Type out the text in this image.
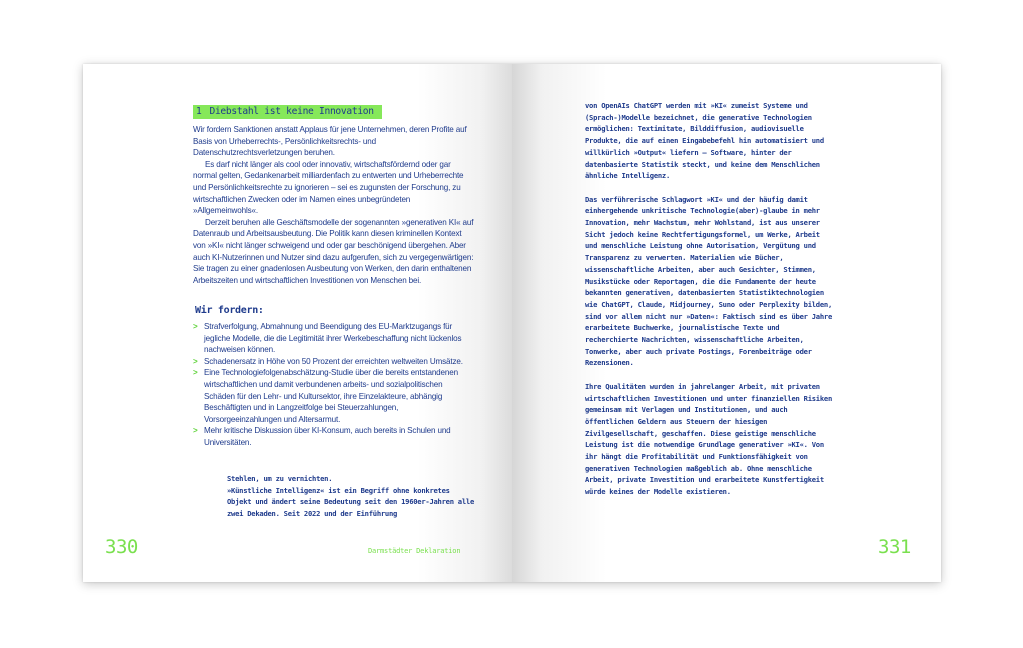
1 Diebstahl ist keine Innovation

Wir fordern Sanktionen anstatt Applaus für jene Unternehmen, deren Profite auf Basis von Urheberrechts-, Persönlichkeitsrechts- und Datenschutzrechtsverletzungen beruhen.

Es darf nicht länger als cool oder innovativ, wirtschaftsfördernd oder gar normal gelten, Gedankenarbeit milliardenfach zu entwerten und Urheberrechte und Persönlichkeitsrechte zu ignorieren – sei es zugunsten der Forschung, zu wirtschaftlichen Zwecken oder im Namen eines unbegründeten »Allgemeinwohls«.

Derzeit beruhen alle Geschäftsmodelle der sogenannten »generativen KI« auf Datenraub und Arbeitsausbeutung. Die Politik kann diesen kriminellen Kontext von »KI« nicht länger schweigend und oder gar beschönigend übergehen. Aber auch KI-Nutzerinnen und Nutzer sind dazu aufgerufen, sich zu vergegenwärtigen: Sie tragen zu einer gnadenlosen Ausbeutung von Werken, den darin enthaltenen Arbeitszeiten und wirtschaftlichen Investitionen von Menschen bei.

Wir fordern:
> Strafverfolgung, Abmahnung und Beendigung des EU-Marktzugangs für jegliche Modelle, die die Legitimität ihrer Werkebeschaffung nicht lückenlos nachweisen können.
> Schadenersatz in Höhe von 50 Prozent der erreichten weltweiten Umsätze.
> Eine Technologiefolgenabschätzung-Studie über die bereits entstandenen wirtschaftlichen und damit verbundenen arbeits- und sozialpolitischen Schäden für den Lehr- und Kultursektor, ihre Einzelakteure, abhängig Beschäftigten und in Langzeitfolge bei Steuerzahlungen, Vorsorgeeinzahlungen und Altersarmut.
> Mehr kritische Diskussion über KI-Konsum, auch bereits in Schulen und Universitäten.

Stehlen, um zu vernichten.

»Künstliche Intelligenz« ist ein Begriff ohne konkretes Objekt und ändert seine Bedeutung seit den 1960er-Jahren alle zwei Dekaden. Seit 2022 und der Einführung

330	Darmstädter Deklaration

von OpenAIs ChatGPT werden mit »KI« zumeist Systeme und (Sprach-)Modelle bezeichnet, die generative Technologien ermöglichen: Textimitate, Bilddiffusion, audiovisuelle Produkte, die auf einen Eingabebefehl hin automatisiert und willkürlich »Output« liefern – Software, hinter der datenbasierte Statistik steckt, und keine dem Menschlichen ähnliche Intelligenz.

Das verführerische Schlagwort »KI« und der häufig damit einhergehende unkritische Technologie(aber)-glaube in mehr Innovation, mehr Wachstum, mehr Wohlstand, ist aus unserer Sicht jedoch keine Rechtfertigungsformel, um Werke, Arbeit und menschliche Leistung ohne Autorisation, Vergütung und Transparenz zu verwerten. Materialien wie Bücher, wissenschaftliche Arbeiten, aber auch Gesichter, Stimmen, Musikstücke oder Reportagen, die die Fundamente der heute bekannten generativen, datenbasierten Statistiktechnologien wie ChatGPT, Claude, Midjourney, Suno oder Perplexity bilden, sind vor allem nicht nur »Daten«: Faktisch sind es über Jahre erarbeitete Buchwerke, journalistische Texte und recherchierte Nachrichten, wissenschaftliche Arbeiten, Tonwerke, aber auch private Postings, Forenbeiträge oder Rezensionen.

Ihre Qualitäten wurden in jahrelanger Arbeit, mit privaten wirtschaftlichen Investitionen und unter finanziellen Risiken gemeinsam mit Verlagen und Institutionen, und auch öffentlichen Geldern aus Steuern der hiesigen Zivilgesellschaft, geschaffen. Diese geistige menschliche Leistung ist die notwendige Grundlage generativer »KI«. Von ihr hängt die Profitabilität und Funktionsfähigkeit von generativen Technologien maßgeblich ab. Ohne menschliche Arbeit, private Investition und erarbeitete Kunstfertigkeit würde keines der Modelle existieren.

331
